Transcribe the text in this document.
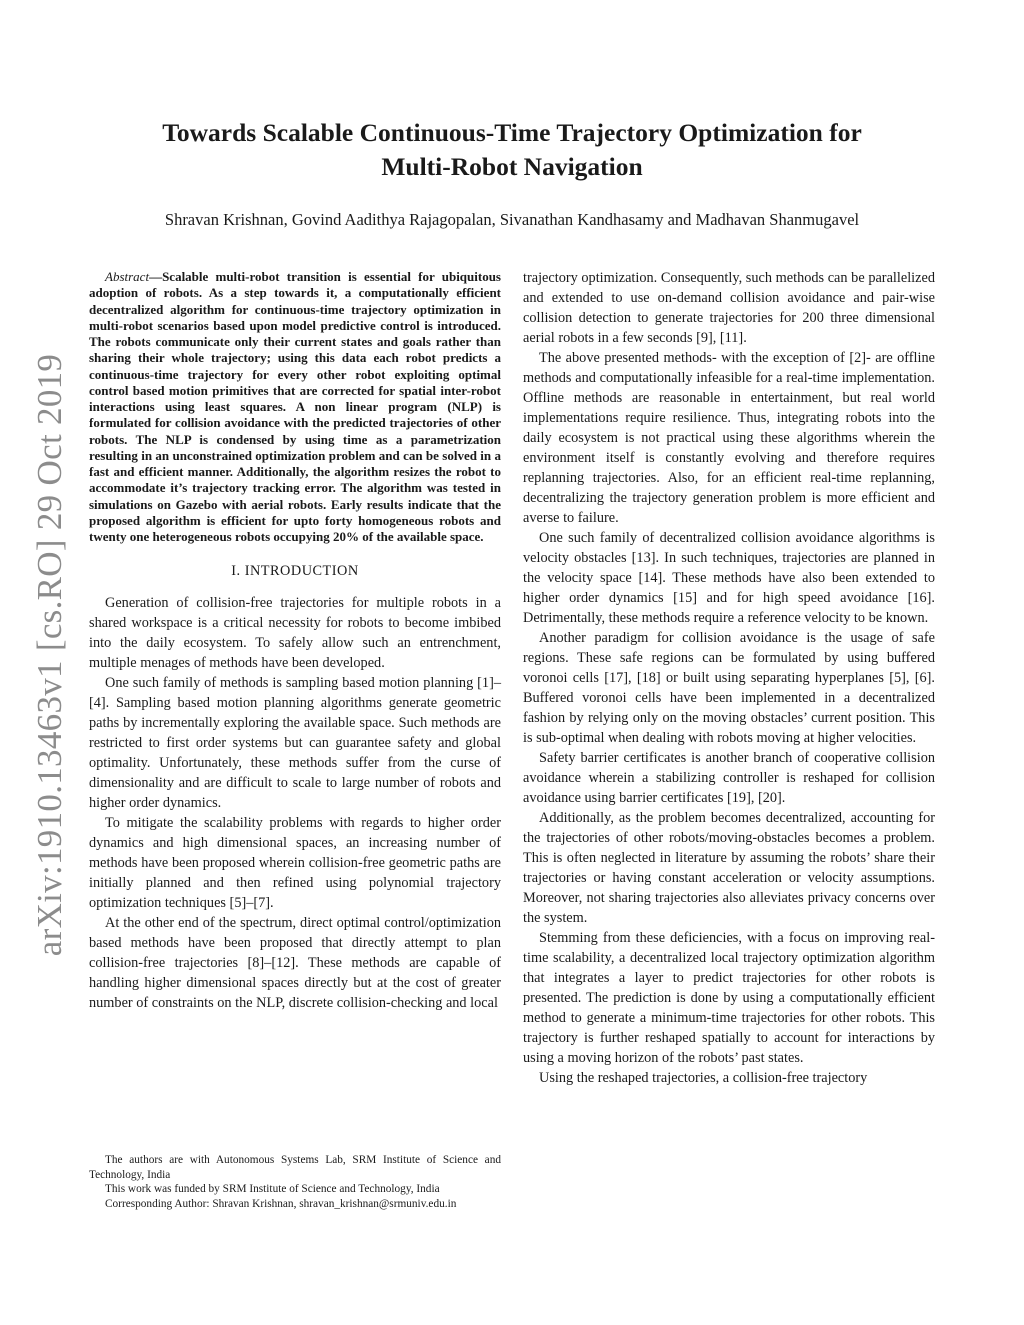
arXiv:1910.13463v1 [cs.RO] 29 Oct 2019
Towards Scalable Continuous-Time Trajectory Optimization for
Multi-Robot Navigation
Shravan Krishnan, Govind Aadithya Rajagopalan, Sivanathan Kandhasamy and Madhavan Shanmugavel
Abstract—Scalable multi-robot transition is essential for ubiquitous adoption of robots. As a step towards it, a computationally efficient decentralized algorithm for continuous-time trajectory optimization in multi-robot scenarios based upon model predictive control is introduced. The robots communicate only their current states and goals rather than sharing their whole trajectory; using this data each robot predicts a continuous-time trajectory for every other robot exploiting optimal control based motion primitives that are corrected for spatial inter-robot interactions using least squares. A non linear program (NLP) is formulated for collision avoidance with the predicted trajectories of other robots. The NLP is condensed by using time as a parametrization resulting in an unconstrained optimization problem and can be solved in a fast and efficient manner. Additionally, the algorithm resizes the robot to accommodate it’s trajectory tracking error. The algorithm was tested in simulations on Gazebo with aerial robots. Early results indicate that the proposed algorithm is efficient for upto forty homogeneous robots and twenty one heterogeneous robots occupying 20% of the available space.
I. INTRODUCTION

Generation of collision-free trajectories for multiple robots in a shared workspace is a critical necessity for robots to become imbibed into the daily ecosystem. To safely allow such an entrenchment, multiple menages of methods have been developed.

One such family of methods is sampling based motion planning [1]–[4]. Sampling based motion planning algorithms generate geometric paths by incrementally exploring the available space. Such methods are restricted to first order systems but can guarantee safety and global optimality. Unfortunately, these methods suffer from the curse of dimensionality and are difficult to scale to large number of robots and higher order dynamics.

To mitigate the scalability problems with regards to higher order dynamics and high dimensional spaces, an increasing number of methods have been proposed wherein collision-free geometric paths are initially planned and then refined using polynomial trajectory optimization techniques [5]–[7].

At the other end of the spectrum, direct optimal control/optimization based methods have been proposed that directly attempt to plan collision-free trajectories [8]–[12]. These methods are capable of handling higher dimensional spaces directly but at the cost of greater number of constraints on the NLP, discrete collision-checking and local

The authors are with Autonomous Systems Lab, SRM Institute of Science and Technology, India

This work was funded by SRM Institute of Science and Technology, India

Corresponding Author: Shravan Krishnan, shravan_krishnan@srmuniv.edu.in

trajectory optimization. Consequently, such methods can be parallelized and extended to use on-demand collision avoidance and pair-wise collision detection to generate trajectories for 200 three dimensional aerial robots in a few seconds [9], [11].

The above presented methods- with the exception of [2]- are offline methods and computationally infeasible for a real-time implementation. Offline methods are reasonable in entertainment, but real world implementations require resilience. Thus, integrating robots into the daily ecosystem is not practical using these algorithms wherein the environment itself is constantly evolving and therefore requires replanning trajectories. Also, for an efficient real-time replanning, decentralizing the trajectory generation problem is more efficient and averse to failure.

One such family of decentralized collision avoidance algorithms is velocity obstacles [13]. In such techniques, trajectories are planned in the velocity space [14]. These methods have also been extended to higher order dynamics [15] and for high speed avoidance [16]. Detrimentally, these methods require a reference velocity to be known.

Another paradigm for collision avoidance is the usage of safe regions. These safe regions can be formulated by using buffered voronoi cells [17], [18] or built using separating hyperplanes [5], [6]. Buffered voronoi cells have been implemented in a decentralized fashion by relying only on the moving obstacles’ current position. This is sub-optimal when dealing with robots moving at higher velocities.

Safety barrier certificates is another branch of cooperative collision avoidance wherein a stabilizing controller is reshaped for collision avoidance using barrier certificates [19], [20].

Additionally, as the problem becomes decentralized, accounting for the trajectories of other robots/moving-obstacles becomes a problem. This is often neglected in literature by assuming the robots’ share their trajectories or having constant acceleration or velocity assumptions. Moreover, not sharing trajectories also alleviates privacy concerns over the system.

Stemming from these deficiencies, with a focus on improving real-time scalability, a decentralized local trajectory optimization algorithm that integrates a layer to predict trajectories for other robots is presented. The prediction is done by using a computationally efficient method to generate a minimum-time trajectories for other robots. This trajectory is further reshaped spatially to account for interactions by using a moving horizon of the robots’ past states.

Using the reshaped trajectories, a collision-free trajectory
